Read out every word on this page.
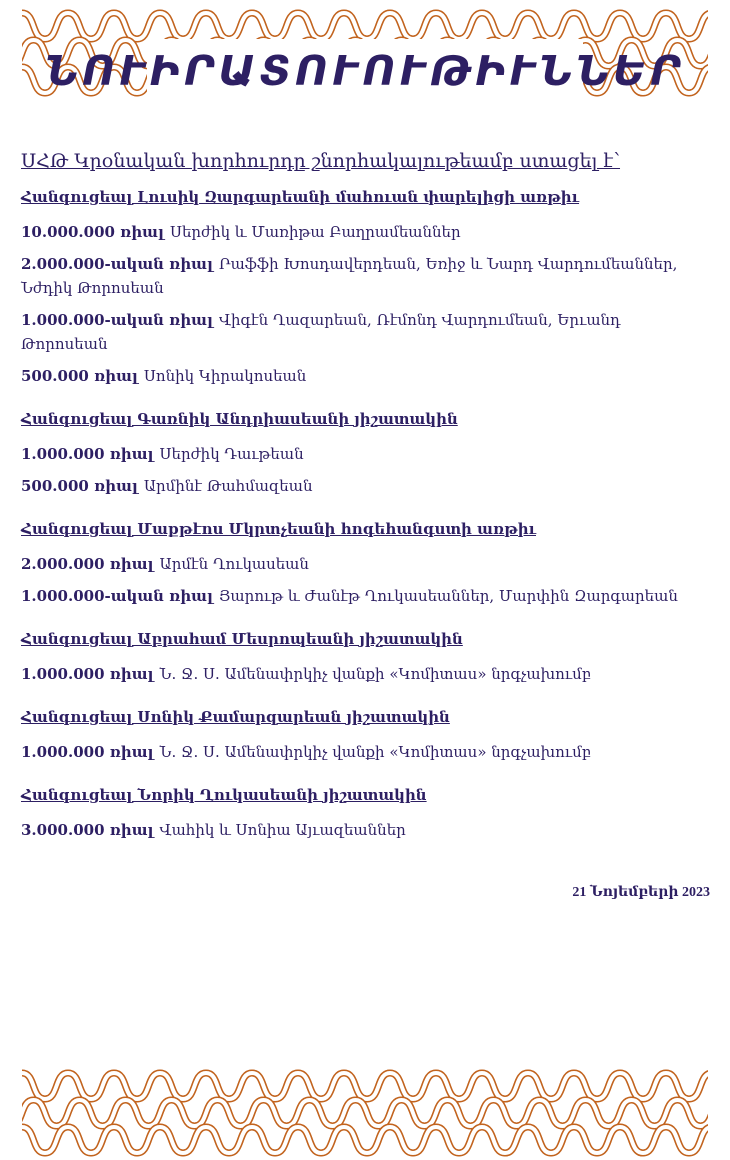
ՆՈՒԻՐԱՏՈՒՈՒԹԻՒՆՆԵՐ
ՍՀԹ Կրօնական խորհուրդը շնորհակալութեամբ ստացել է՝
Հանգուցեալ Լուսիկ Զարգարեանի մահուան փարելիցի առթիւ
10.000.000 ռիալ Սերժիկ և Մառիթա Բաղրամեաններ
2.000.000-ական ռիալ Րաֆֆի Խոսդավերդեան, Եռիջ և Նարդ Վարդումեաններ, Նժդիկ Թորոսեան
1.000.000-ական ռիալ Վիգէն Ղազարեան, Ռէմոնդ Վարդումեան, Երւանդ Թորոսեան
500.000 ռիալ Սոնիկ Կիրակոսեան
Հանգուցեալ Գառնիկ Անդրիասեանի յիշատակին
1.000.000 ռիալ Սերժիկ Դաւթեան
500.000 ռիալ Արմինէ Թահմազեան
Հանգուցեալ Մաքթէոս Մկրտչեանի հոգեհանգստի առթիւ
2.000.000 ռիալ Արմէն Ղուկասեան
1.000.000-ական ռիալ Յարութ և Ժանէթ Ղուկասեաններ, Մարփին Զարգարեան
Հանգուցեալ Աբրահամ Մեսրոպեանի յիշատակին
1.000.000 ռիալ Ն. Ջ. Ս. Ամենափրկիչ վանքի «Կոմիտաս» նրգչախումբ
Հանգուցեալ Սոնիկ Քամարզարեան յիշատակին
1.000.000 ռիալ Ն. Ջ. Ս. Ամենափրկիչ վանքի «Կոմիտաս» նրգչախումբ
Հանգուցեալ Նորիկ Ղուկասեանի յիշատակին
3.000.000 ռիալ Վահիկ և Սոնիա Այւազեաններ
21 Նոյեմբերի 2023
